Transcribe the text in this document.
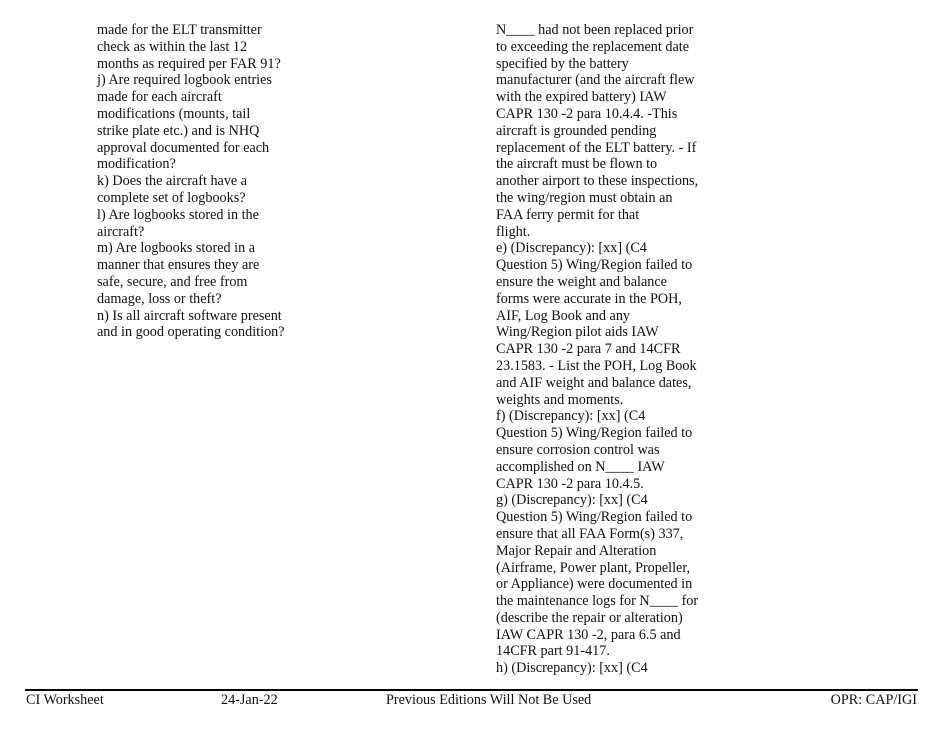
made for the ELT transmitter
check as within the last 12
months as required per FAR 91?
j) Are required logbook entries
made for each aircraft
modifications (mounts, tail
strike plate etc.) and is NHQ
approval documented for each
modification?
k) Does the aircraft have a
complete set of logbooks?
l) Are logbooks stored in the
aircraft?
m) Are logbooks stored in a
manner that ensures they are
safe, secure, and free from
damage, loss or theft?
n) Is all aircraft software present
and in good operating condition?
N____ had not been replaced prior
to exceeding the replacement date
specified by the battery
manufacturer (and the aircraft flew
with the expired battery) IAW
CAPR 130 -2 para 10.4.4. -This
aircraft is grounded pending
replacement of the ELT battery. - If
the aircraft must be flown to
another airport to these inspections,
the wing/region must obtain an
FAA ferry permit for that
flight.
e) (Discrepancy): [xx] (C4
Question 5) Wing/Region failed to
ensure the weight and balance
forms were accurate in the POH,
AIF, Log Book and any
Wing/Region pilot aids IAW
CAPR 130 -2 para 7 and 14CFR
23.1583. - List the POH, Log Book
and AIF weight and balance dates,
weights and moments.
f) (Discrepancy): [xx] (C4
Question 5) Wing/Region failed to
ensure corrosion control was
accomplished on N____ IAW
CAPR 130 -2 para 10.4.5.
g) (Discrepancy): [xx] (C4
Question 5) Wing/Region failed to
ensure that all FAA Form(s) 337,
Major Repair and Alteration
(Airframe, Power plant, Propeller,
or Appliance) were documented in
the maintenance logs for N____ for
(describe the repair or alteration)
IAW CAPR 130 -2, para 6.5 and
14CFR part 91-417.
h) (Discrepancy): [xx] (C4
CI Worksheet	24-Jan-22	Previous Editions Will Not Be Used	OPR: CAP/IGI
